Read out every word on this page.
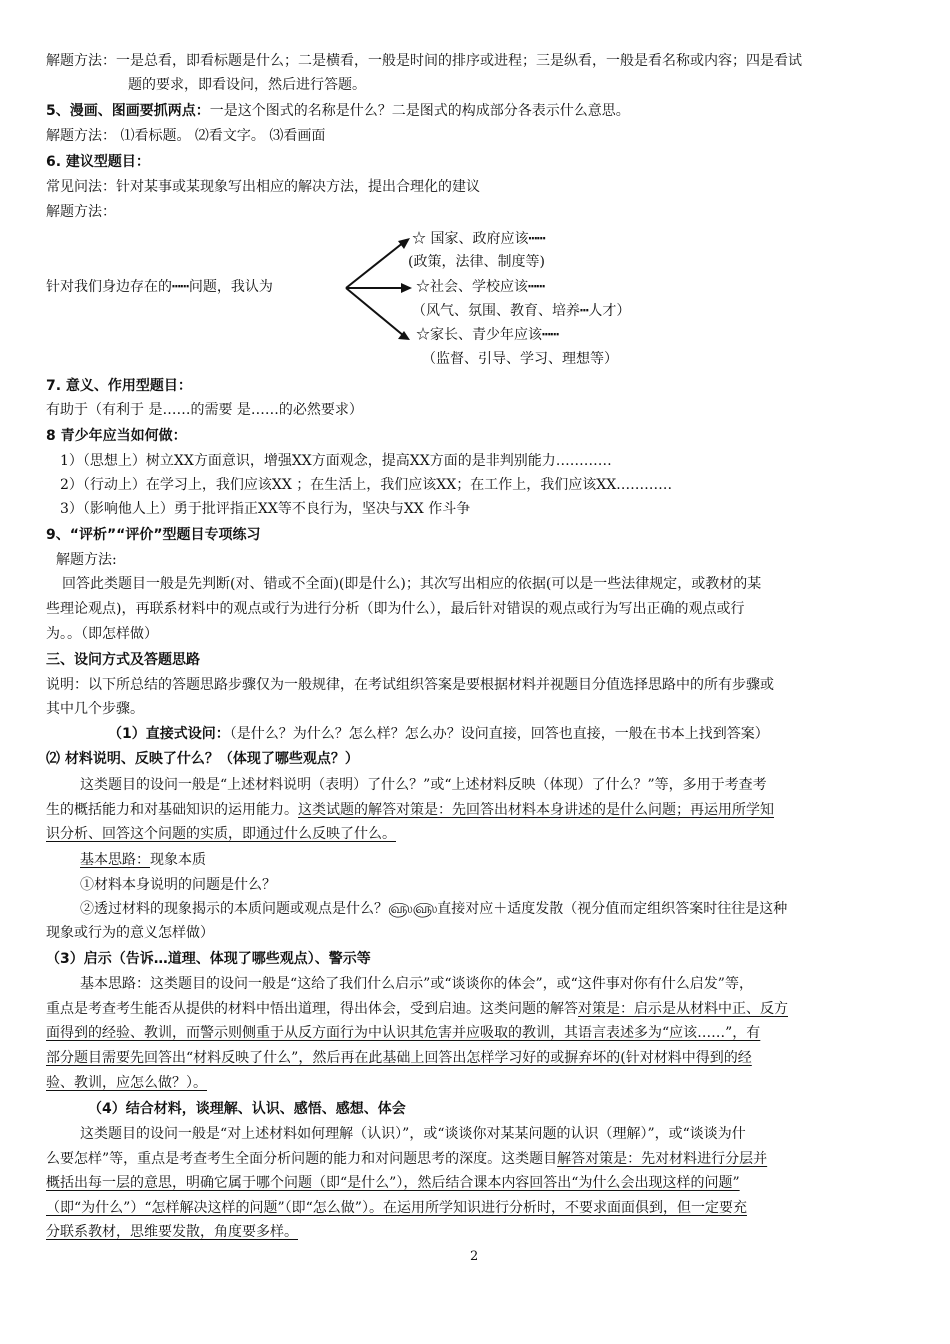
解题方法：一是总看，即看标题是什么；二是横看，一般是时间的排序或进程；三是纵看，一般是看名称或内容；四是看试
题的要求，即看设问，然后进行答题。
5、漫画、图画要抓两点：一是这个图式的名称是什么？二是图式的构成部分各表示什么意思。
解题方法： ⑴看标题。 ⑵看文字。 ⑶看画面
6. 建议型题目：
常见问法：针对某事或某现象写出相应的解决方法，提出合理化的建议
解题方法：
针对我们身边存在的┅┅问题，我认为
☆ 国家、政府应该┅┅
(政策，法律、制度等)
☆社会、学校应该┅┅
（风气、氛围、教育、培养┅人才）
☆家长、青少年应该┅┅
（监督、引导、学习、理想等）
7. 意义、作用型题目：
有助于（有利于 是……的需要 是……的必然要求）
8 青少年应当如何做：
1）（思想上）树立XX方面意识，增强XX方面观念，提高XX方面的是非判别能力…………
2）（行动上）在学习上，我们应该XX ；在生活上，我们应该XX；在工作上，我们应该XX…………
3）（影响他人上）勇于批评指正XX等不良行为，坚决与XX 作斗争
9、“评析”“评价”型题目专项练习
解题方法:
回答此类题目一般是先判断(对、错或不全面)(即是什么)；其次写出相应的依据(可以是一些法律规定，或教材的某
些理论观点)，再联系材料中的观点或行为进行分析（即为什么），最后针对错误的观点或行为写出正确的观点或行
为。。（即怎样做）
三、设问方式及答题思路
说明：以下所总结的答题思路步骤仅为一般规律，在考试组织答案是要根据材料并视题目分值选择思路中的所有步骤或
其中几个步骤。
（1）直接式设问：（是什么？为什么？怎么样？怎么办？设问直接，回答也直接，一般在书本上找到答案）
⑵ 材料说明、反映了什么？（体现了哪些观点？）
这类题目的设问一般是“上述材料说明（表明）了什么？”或“上述材料反映（体现）了什么？”等，多用于考查考
生的概括能力和对基础知识的运用能力。这类试题的解答对策是：先回答出材料本身讲述的是什么问题；再运用所学知
识分析、回答这个问题的实质，即通过什么反映了什么。
基本思路：现象本质
①材料本身说明的问题是什么？
②透过材料的现象揭示的本质问题或观点是什么？௵௵直接对应＋适度发散（视分值而定组织答案时往往是这种
现象或行为的意义怎样做）
（3）启示（告诉…道理、体现了哪些观点）、警示等
基本思路：这类题目的设问一般是“这给了我们什么启示”或“谈谈你的体会”，或“这件事对你有什么启发”等，
重点是考查考生能否从提供的材料中悟出道理，得出体会，受到启迪。这类问题的解答对策是：启示是从材料中正、反方
面得到的经验、教训，而警示则侧重于从反方面行为中认识其危害并应吸取的教训，其语言表述多为“应该……”，有
部分题目需要先回答出“材料反映了什么”，然后再在此基础上回答出怎样学习好的或摒弃坏的(针对材料中得到的经
验、教训，应怎么做？）。
（4）结合材料，谈理解、认识、感悟、感想、体会
这类题目的设问一般是“对上述材料如何理解（认识）”，或“谈谈你对某某问题的认识（理解）”，或“谈谈为什
么要怎样”等，重点是考查考生全面分析问题的能力和对问题思考的深度。这类题目解答对策是：先对材料进行分层并
概括出每一层的意思，明确它属于哪个问题（即“是什么”），然后结合课本内容回答出“为什么会出现这样的问题”
（即“为什么”）“怎样解决这样的问题”（即“怎么做”）。在运用所学知识进行分析时，不要求面面俱到，但一定要充
分联系教材，思维要发散，角度要多样。
2
